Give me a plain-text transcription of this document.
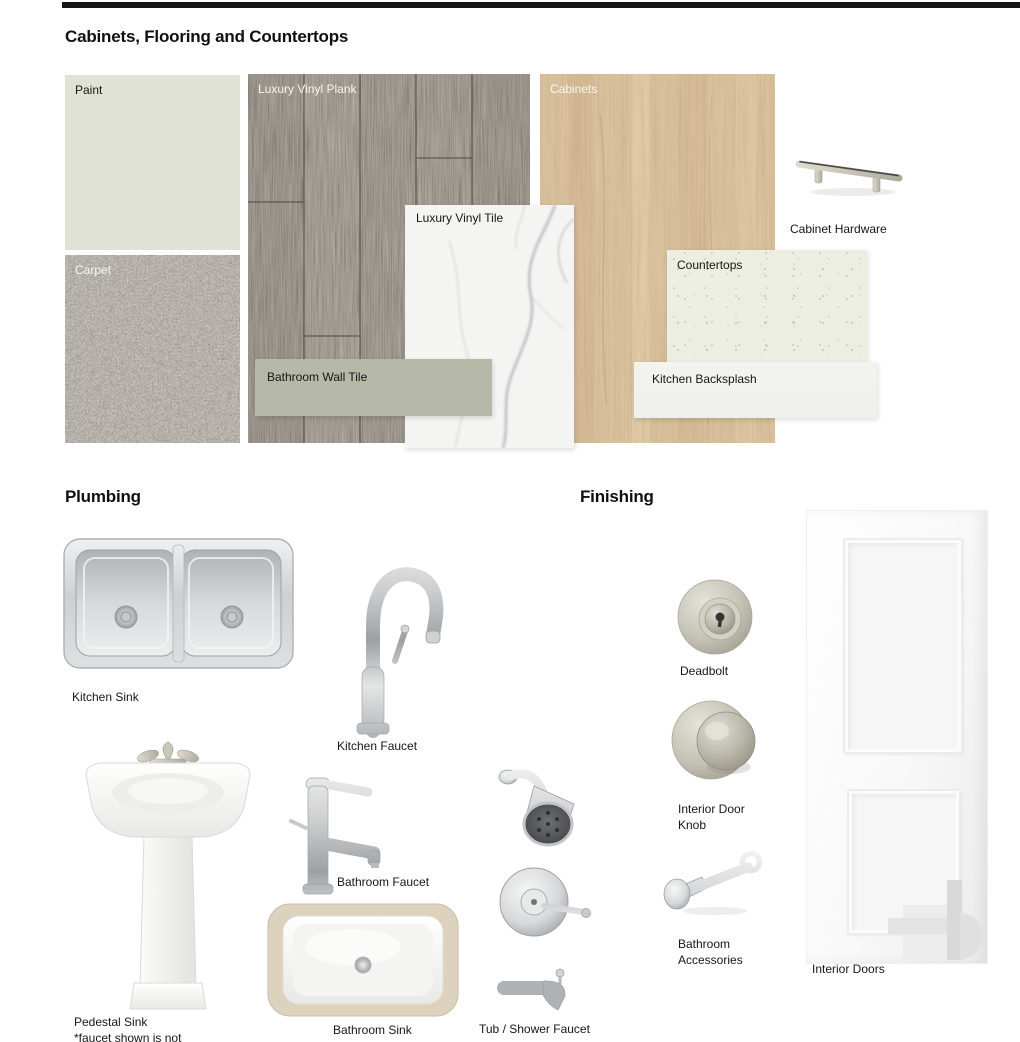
Cabinets, Flooring and Countertops
Paint
Carpet
Luxury Vinyl Plank
Luxury Vinyl Tile
Bathroom Wall Tile
Cabinets
Countertops
Kitchen Backsplash
Cabinet Hardware
Plumbing
Kitchen Sink
Kitchen Faucet
Pedestal Sink
*faucet shown is not
Bathroom Faucet
Bathroom Sink	Tub / Shower Faucet
Finishing
Deadbolt
Interior Door Knob
Bathroom Accessories
Interior Doors
